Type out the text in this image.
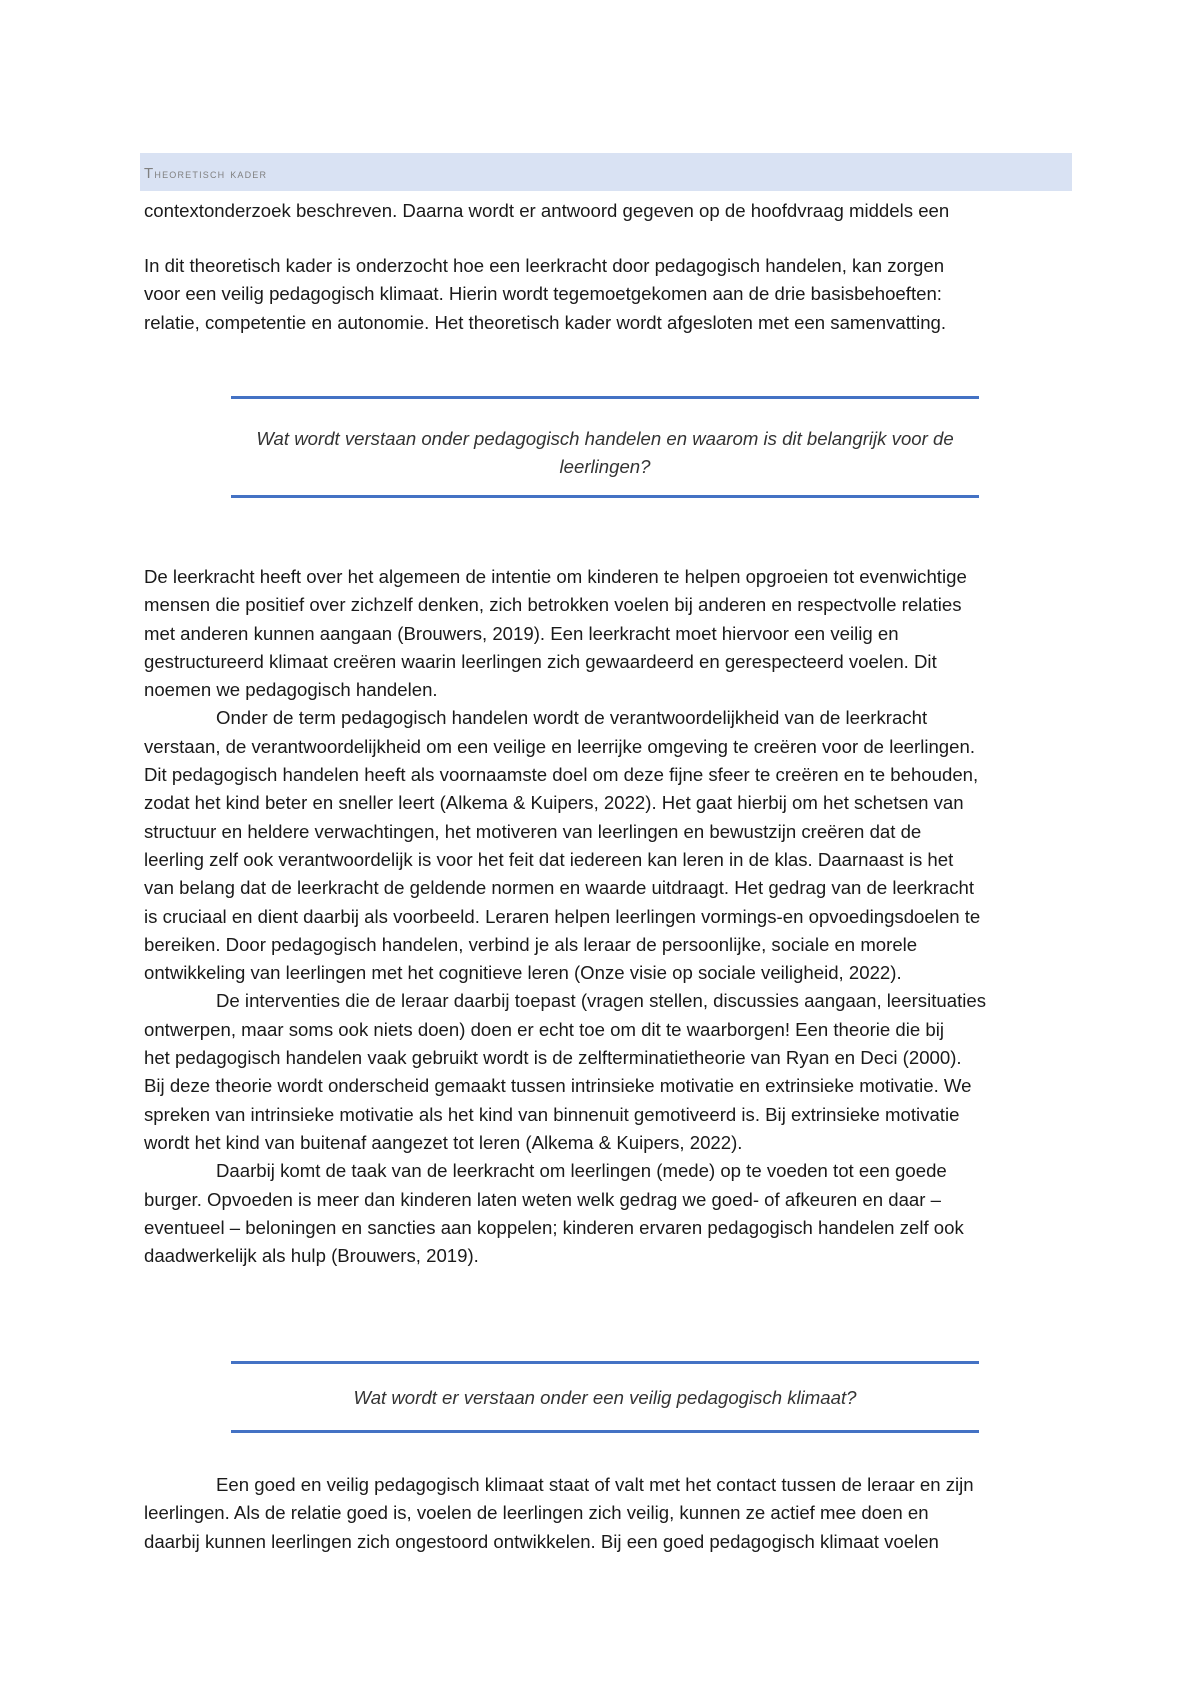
Theoretisch kader

contextonderzoek beschreven. Daarna wordt er antwoord gegeven op de hoofdvraag middels een

In dit theoretisch kader is onderzocht hoe een leerkracht door pedagogisch handelen, kan zorgen

voor een veilig pedagogisch klimaat. Hierin wordt tegemoetgekomen aan de drie basisbehoeften:

relatie, competentie en autonomie. Het theoretisch kader wordt afgesloten met een samenvatting.

Wat wordt verstaan onder pedagogisch handelen en waarom is dit belangrijk voor de
leerlingen?

De leerkracht heeft over het algemeen de intentie om kinderen te helpen opgroeien tot evenwichtige

mensen die positief over zichzelf denken, zich betrokken voelen bij anderen en respectvolle relaties

met anderen kunnen aangaan (Brouwers, 2019). Een leerkracht moet hiervoor een veilig en

gestructureerd klimaat creëren waarin leerlingen zich gewaardeerd en gerespecteerd voelen. Dit

noemen we pedagogisch handelen.

Onder de term pedagogisch handelen wordt de verantwoordelijkheid van de leerkracht

verstaan, de verantwoordelijkheid om een veilige en leerrijke omgeving te creëren voor de leerlingen.

Dit pedagogisch handelen heeft als voornaamste doel om deze fijne sfeer te creëren en te behouden,

zodat het kind beter en sneller leert (Alkema & Kuipers, 2022). Het gaat hierbij om het schetsen van

structuur en heldere verwachtingen, het motiveren van leerlingen en bewustzijn creëren dat de

leerling zelf ook verantwoordelijk is voor het feit dat iedereen kan leren in de klas. Daarnaast is het

van belang dat de leerkracht de geldende normen en waarde uitdraagt. Het gedrag van de leerkracht

is cruciaal en dient daarbij als voorbeeld. Leraren helpen leerlingen vormings-en opvoedingsdoelen te

bereiken. Door pedagogisch handelen, verbind je als leraar de persoonlijke, sociale en morele

ontwikkeling van leerlingen met het cognitieve leren (Onze visie op sociale veiligheid, 2022).

De interventies die de leraar daarbij toepast (vragen stellen, discussies aangaan, leersituaties

ontwerpen, maar soms ook niets doen) doen er echt toe om dit te waarborgen! Een theorie die bij

het pedagogisch handelen vaak gebruikt wordt is de zelfterminatietheorie van Ryan en Deci (2000).

Bij deze theorie wordt onderscheid gemaakt tussen intrinsieke motivatie en extrinsieke motivatie. We

spreken van intrinsieke motivatie als het kind van binnenuit gemotiveerd is. Bij extrinsieke motivatie

wordt het kind van buitenaf aangezet tot leren (Alkema & Kuipers, 2022).

Daarbij komt de taak van de leerkracht om leerlingen (mede) op te voeden tot een goede

burger. Opvoeden is meer dan kinderen laten weten welk gedrag we goed- of afkeuren en daar –

eventueel – beloningen en sancties aan koppelen; kinderen ervaren pedagogisch handelen zelf ook

daadwerkelijk als hulp (Brouwers, 2019).

Wat wordt er verstaan onder een veilig pedagogisch klimaat?

Een goed en veilig pedagogisch klimaat staat of valt met het contact tussen de leraar en zijn

leerlingen. Als de relatie goed is, voelen de leerlingen zich veilig, kunnen ze actief mee doen en

daarbij kunnen leerlingen zich ongestoord ontwikkelen. Bij een goed pedagogisch klimaat voelen
